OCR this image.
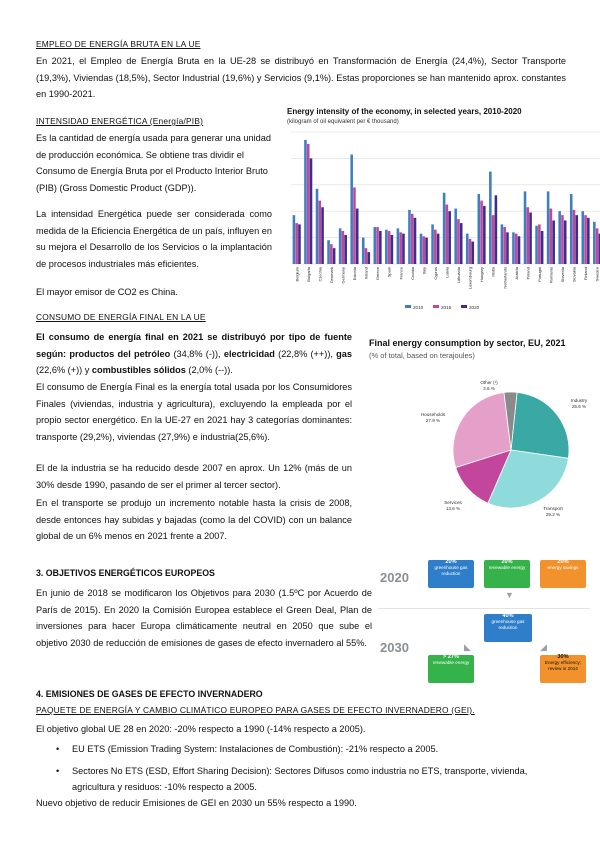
EMPLEO DE ENERGÍA BRUTA EN LA UE

En 2021, el Empleo de Energía Bruta en la UE-28 se distribuyó en Transformación de Energía (24,4%), Sector Transporte (19,3%), Viviendas (18,5%), Sector Industrial (19,6%) y Servicios (9,1%). Estas proporciones se han mantenido aprox. constantes en 1990-2021.

INTENSIDAD ENERGÉTICA (Energía/PIB)

Es la cantidad de energía usada para generar una unidad de producción económica. Se obtiene tras dividir el Consumo de Energía Bruta por el Producto Interior Bruto (PIB) (Gross Domestic Product (GDP)).

La intensidad Energética puede ser considerada como medida de la Eficiencia Energética de un país, influyen en su mejora el Desarrollo de los Servicios o la implantación de procesos industriales más eficientes.

El mayor emisor de CO2 es China.

Energy intensity of the economy, in selected years, 2010-2020
(kilogram of oil equivalent per € thousand)
Belgium Bulgaria Czechia Denmark Germany Estonia Ireland Greece Spain France Croatia Italy Cyprus Latvia Lithuania Luxembourg Hungary Malta Netherlands Austria Poland Portugal Romania Slovenia Slovakia Finland Sweden
2010	2015	2020
CONSUMO DE ENERGÍA FINAL EN LA UE

El consumo de energía final en 2021 se distribuyó por tipo de fuente según: productos del petróleo (34,8% (-)), electricidad (22,8% (++)), gas (22,6% (+)) y combustibles sólidos (2,0% (--)).

El consumo de Energía Final es la energía total usada por los Consumidores Finales (viviendas, industria y agricultura), excluyendo la empleada por el propio sector energético. En la UE-27 en 2021 hay 3 categorías dominantes: transporte (29,2%), viviendas (27,9%) e industria(25,6%).

El de la industria se ha reducido desde 2007 en aprox. Un 12% (más de un 30% desde 1990, pasando de ser el primer al tercer sector).

En el transporte se produjo un incremento notable hasta la crisis de 2008, desde entonces hay subidas y bajadas (como la del COVID) con un balance global de un 6% menos en 2021 frente a 2007.

Final energy consumption by sector, EU, 2021
(% of total, based on terajoules)
Industry
25.6 %
Transport
29.2 %
Services
13.6 %
Households
27.9 %
Other (¹)
3.6 %
3. OBJETIVOS ENERGÉTICOS EUROPEOS

En junio de 2018 se modificaron los Objetivos para 2030 (1.5ºC por Acuerdo de París de 2015). En 2020 la Comisión Europea establece el Green Deal, Plan de inversiones para hacer Europa climáticamente neutral en 2050 que sube el objetivo 2030 de reducción de emisiones de gases de efecto invernadero al 55%.

2020
2030
20%
greenhouse gas reduction
20%
renewable energy
20%
energy savings
▼
40%
greenhouse gas reduction
◣	◢
> 27%
renewable energy
30%
Energy efficiency; review in 2014
4. EMISIONES DE GASES DE EFECTO INVERNADERO
PAQUETE DE ENERGÍA Y CAMBIO CLIMÁTICO EUROPEO PARA GASES DE EFECTO INVERNADERO (GEI).

El objetivo global UE 28 en 2020: -20% respecto a 1990 (-14% respecto a 2005).

• EU ETS (Emission Trading System: Instalaciones de Combustión): -21% respecto a 2005.
• Sectores No ETS (ESD, Effort Sharing Decision): Sectores Difusos como industria no ETS, transporte, vivienda, agricultura y residuos: -10% respecto a 2005.

Nuevo objetivo de reducir Emisiones de GEI en 2030 un 55% respecto a 1990.
